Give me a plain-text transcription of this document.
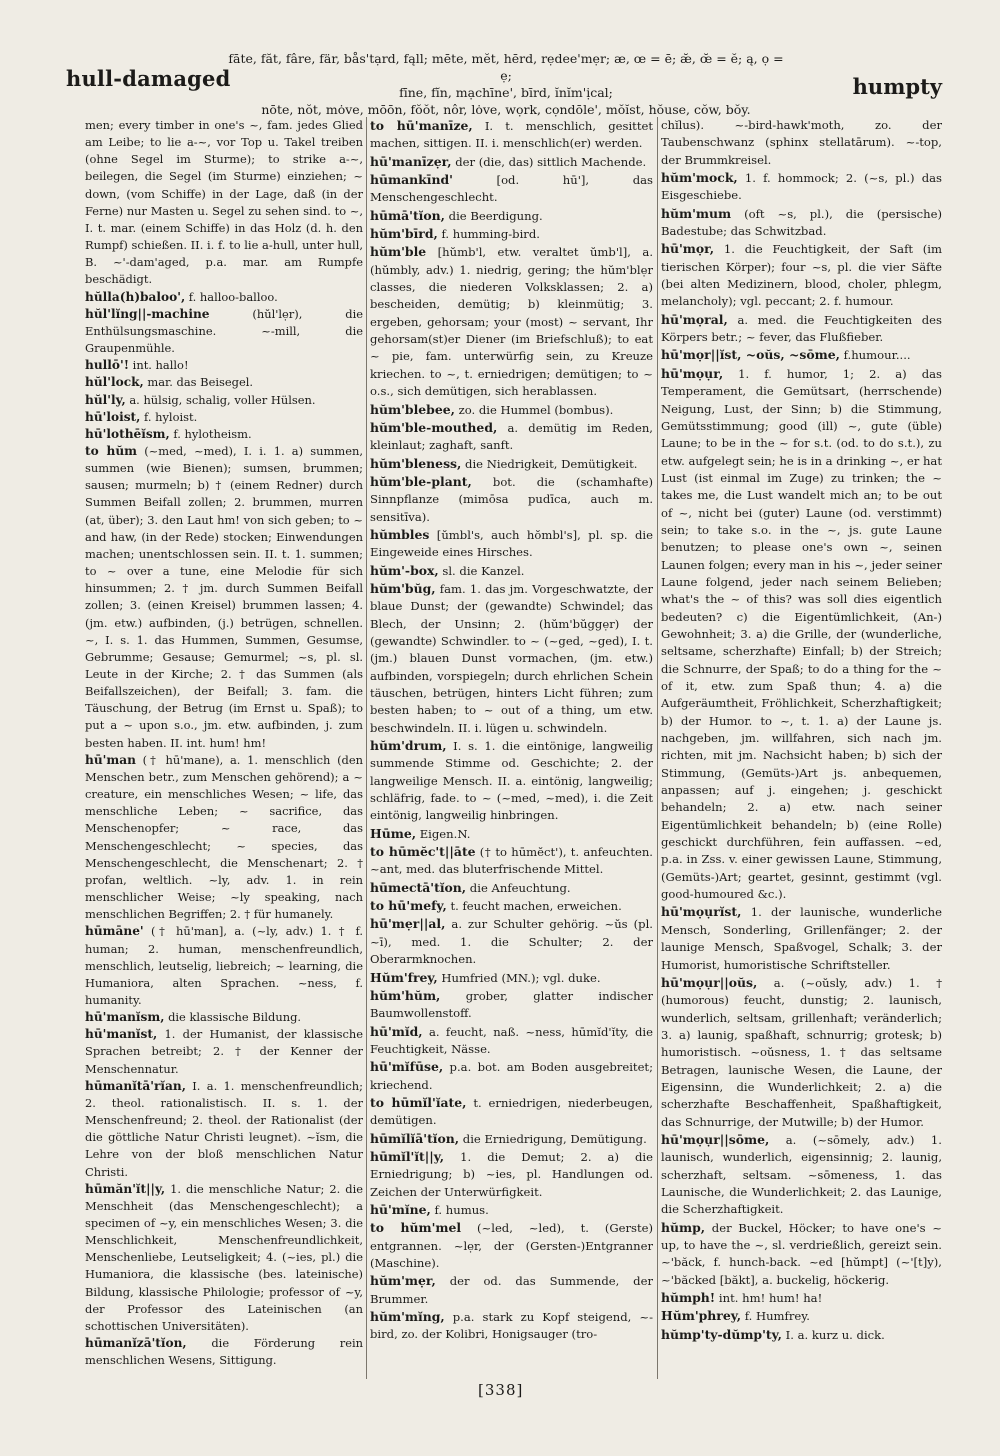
hull-damaged
fāte, făt, fâre, fär, bås'tạrd, fąll; mēte, mĕt, hērd, rẹdee'mẹr; æ, œ = ē; æ̆, œ̆ = ĕ; ą, ọ = ẹ;
fīne, fĭn, mạchīne', bīrd, ĭnĭm'ịcal;
nōte, nŏt, mȯve, mōōn, fŏŏt, nôr, lȯve, wọrk, cọndōle', mŏĭst, hŏuse, cŏw, bŏy.
humpty

men; every timber in one's ~, fam. jedes Glied am Leibe; to lie a-~, vor Top u. Takel treiben (ohne Segel im Sturme); to strike a-~, beilegen, die Segel (im Sturme) einziehen; ~ down, (vom Schiffe) in der Lage, daß (in der Ferne) nur Masten u. Segel zu sehen sind. to ~, I. t. mar. (einem Schiffe) in das Holz (d. h. den Rumpf) schießen. II. i. f. to lie a-hull, unter hull, B. ~'-dam'aged, p.a. mar. am Rumpfe beschädigt.

hŭlla(h)baloo', f. halloo-balloo.

hŭl'lĭng||-machine (hŭl'lẹr), die Enthülsungsmaschine. ~-mill, die Graupenmühle.

hullō'! int. hallo!

hŭl'lock, mar. das Beisegel.

hŭl'ly, a. hülsig, schalig, voller Hülsen.

hū'loist, f. hyloist.

hū'lothēĭsm, f. hylotheism.

to hŭm (~med, ~med), I. i. 1. a) summen, summen (wie Bienen); sumsen, brummen; sausen; murmeln; b) † (einem Redner) durch Summen Beifall zollen; 2. brummen, murren (at, über); 3. den Laut hm! von sich geben; to ~ and haw, (in der Rede) stocken; Einwendungen machen; unentschlossen sein. II. t. 1. summen; to ~ over a tune, eine Melodie für sich hinsummen; 2. † jm. durch Summen Beifall zollen; 3. (einen Kreisel) brummen lassen; 4. (jm. etw.) aufbinden, (j.) betrügen, schnellen. ~, I. s. 1. das Hummen, Summen, Gesumse, Gebrumme; Gesause; Gemurmel; ~s, pl. sl. Leute in der Kirche; 2. † das Summen (als Beifallszeichen), der Beifall; 3. fam. die Täuschung, der Betrug (im Ernst u. Spaß); to put a ~ upon s.o., jm. etw. aufbinden, j. zum besten haben. II. int. hum! hm!

hū'man († hū'mane), a. 1. menschlich (den Menschen betr., zum Menschen gehörend); a ~ creature, ein menschliches Wesen; ~ life, das menschliche Leben; ~ sacrifice, das Menschenopfer; ~ race, das Menschengeschlecht; ~ species, das Menschengeschlecht, die Menschenart; 2. † profan, weltlich. ~ly, adv. 1. in rein menschlicher Weise; ~ly speaking, nach menschlichen Begriffen; 2. † für humanely.

hūmāne' († hū'man], a. (~ly, adv.) 1. † f. human; 2. human, menschenfreundlich, menschlich, leutselig, liebreich; ~ learning, die Humaniora, alten Sprachen. ~ness, f. humanity.

hū'manĭsm, die klassische Bildung.

hū'manĭst, 1. der Humanist, der klassische Sprachen betreibt; 2. † der Kenner der Menschennatur.

hūmanĭtā'rĭan, I. a. 1. menschenfreundlich; 2. theol. rationalistisch. II. s. 1. der Menschenfreund; 2. theol. der Rationalist (der die göttliche Natur Christi leugnet). ~ĭsm, die Lehre von der bloß menschlichen Natur Christi.

hūmăn'ĭt||y, 1. die menschliche Natur; 2. die Menschheit (das Menschengeschlecht); a specimen of ~y, ein menschliches Wesen; 3. die Menschlichkeit, Menschenfreundlichkeit, Menschenliebe, Leutseligkeit; 4. (~ies, pl.) die Humaniora, die klassische (bes. lateinische) Bildung, klassische Philologie; professor of ~y, der Professor des Lateinischen (an schottischen Universitäten).

hūmanĭzā'tĭon, die Förderung rein menschlichen Wesens, Sittigung.

to hū'manīze, I. t. menschlich, gesittet machen, sittigen. II. i. menschlich(er) werden.

hū'manīzẹr, der (die, das) sittlich Machende.

hūmankīnd' [od. hū'], das Menschengeschlecht.

hūmā'tĭon, die Beerdigung.

hŭm'bīrd, f. humming-bird.

hŭm'ble [hŭmb'l, etw. veraltet ŭmb'l], a. (hŭmbly, adv.) 1. niedrig, gering; the hŭm'blẹr classes, die niederen Volksklassen; 2. a) bescheiden, demütig; b) kleinmütig; 3. ergeben, gehorsam; your (most) ~ servant, Ihr gehorsam(st)er Diener (im Briefschluß); to eat ~ pie, fam. unterwürfig sein, zu Kreuze kriechen. to ~, t. erniedrigen; demütigen; to ~ o.s., sich demütigen, sich herablassen.

hŭm'blebee, zo. die Hummel (bombus).

hŭm'ble-mouthed, a. demütig im Reden, kleinlaut; zaghaft, sanft.

hŭm'bleness, die Niedrigkeit, Demütigkeit.

hŭm'ble-plant, bot. die (schamhafte) Sinnpflanze (mimōsa pudīca, auch m. sensitīva).

hŭmbles [ŭmbl's, auch hŏmbl's], pl. sp. die Eingeweide eines Hirsches.

hŭm'-box, sl. die Kanzel.

hŭm'bŭg, fam. 1. das jm. Vorgeschwatzte, der blaue Dunst; der (gewandte) Schwindel; das Blech, der Unsinn; 2. (hŭm'bŭggẹr) der (gewandte) Schwindler. to ~ (~ged, ~ged), I. t. (jm.) blauen Dunst vormachen, (jm. etw.) aufbinden, vorspiegeln; durch ehrlichen Schein täuschen, betrügen, hinters Licht führen; zum besten haben; to ~ out of a thing, um etw. beschwindeln. II. i. lügen u. schwindeln.

hŭm'drum, I. s. 1. die eintönige, langweilig summende Stimme od. Geschichte; 2. der langweilige Mensch. II. a. eintönig, langweilig; schläfrig, fade. to ~ (~med, ~med), i. die Zeit eintönig, langweilig hinbringen.

Hūme, Eigen.N.

to hūmĕc't||āte († to hūmĕct'), t. anfeuchten. ~ant, med. das bluterfrischende Mittel.

hūmectā'tĭon, die Anfeuchtung.

to hū'mefy, t. feucht machen, erweichen.

hū'mẹr||al, a. zur Schulter gehörig. ~ŭs (pl. ~ī), med. 1. die Schulter; 2. der Oberarmknochen.

Hŭm'frey, Humfried (MN.); vgl. duke.

hŭm'hŭm, grober, glatter indischer Baumwollenstoff.

hū'mĭd, a. feucht, naß. ~ness, hūmĭd'ĭty, die Feuchtigkeit, Nässe.

hū'mĭfūse, p.a. bot. am Boden ausgebreitet; kriechend.

to hūmĭl'ĭate, t. erniedrigen, niederbeugen, demütigen.

hūmĭlĭā'tĭon, die Erniedrigung, Demütigung.

hūmĭl'ĭt||y, 1. die Demut; 2. a) die Erniedrigung; b) ~ies, pl. Handlungen od. Zeichen der Unterwürfigkeit.

hū'mĭne, f. humus.

to hŭm'mel (~led, ~led), t. (Gerste) entgrannen. ~lẹr, der (Gersten-)Entgranner (Maschine).

hŭm'mẹr, der od. das Summende, der Brummer.

hŭm'mĭng, p.a. stark zu Kopf steigend, ~-bird, zo. der Kolibri, Honigsauger (tro-

chĭlus). ~-bird-hawk'moth, zo. der Taubenschwanz (sphinx stellatārum). ~-top, der Brummkreisel.

hŭm'mock, 1. f. hommock; 2. (~s, pl.) das Eisgeschiebe.

hŭm'mum (oft ~s, pl.), die (persische) Badestube; das Schwitzbad.

hū'mọr, 1. die Feuchtigkeit, der Saft (im tierischen Körper); four ~s, pl. die vier Säfte (bei alten Medizinern, blood, choler, phlegm, melancholy); vgl. peccant; 2. f. humour.

hū'mọral, a. med. die Feuchtigkeiten des Körpers betr.; ~ fever, das Flußfieber.

hū'mọr||ĭst, ~oŭs, ~sōme, f.humour....

hū'mọụr, 1. f. humor, 1; 2. a) das Temperament, die Gemütsart, (herrschende) Neigung, Lust, der Sinn; b) die Stimmung, Gemütsstimmung; good (ill) ~, gute (üble) Laune; to be in the ~ for s.t. (od. to do s.t.), zu etw. aufgelegt sein; he is in a drinking ~, er hat Lust (ist einmal im Zuge) zu trinken; the ~ takes me, die Lust wandelt mich an; to be out of ~, nicht bei (guter) Laune (od. verstimmt) sein; to take s.o. in the ~, js. gute Laune benutzen; to please one's own ~, seinen Launen folgen; every man in his ~, jeder seiner Laune folgend, jeder nach seinem Belieben; what's the ~ of this? was soll dies eigentlich bedeuten? c) die Eigentümlichkeit, (An-) Gewohnheit; 3. a) die Grille, der (wunderliche, seltsame, scherzhafte) Einfall; b) der Streich; die Schnurre, der Spaß; to do a thing for the ~ of it, etw. zum Spaß thun; 4. a) die Aufgeräumtheit, Fröhlichkeit, Scherzhaftigkeit; b) der Humor. to ~, t. 1. a) der Laune js. nachgeben, jm. willfahren, sich nach jm. richten, mit jm. Nachsicht haben; b) sich der Stimmung, (Gemüts-)Art js. anbequemen, anpassen; auf j. eingehen; j. geschickt behandeln; 2. a) etw. nach seiner Eigentümlichkeit behandeln; b) (eine Rolle) geschickt durchführen, fein auffassen. ~ed, p.a. in Zss. v. einer gewissen Laune, Stimmung, (Gemüts-)Art; geartet, gesinnt, gestimmt (vgl. good-humoured &c.).

hū'mọụrĭst, 1. der launische, wunderliche Mensch, Sonderling, Grillenfänger; 2. der launige Mensch, Spaßvogel, Schalk; 3. der Humorist, humoristische Schriftsteller.

hū'mọụr||oŭs, a. (~oŭsly, adv.) 1. † (humorous) feucht, dunstig; 2. launisch, wunderlich, seltsam, grillenhaft; veränderlich; 3. a) launig, spaßhaft, schnurrig; grotesk; b) humoristisch. ~oŭsness, 1. † das seltsame Betragen, launische Wesen, die Laune, der Eigensinn, die Wunderlichkeit; 2. a) die scherzhafte Beschaffenheit, Spaßhaftigkeit, das Schnurrige, der Mutwille; b) der Humor.

hū'mọụr||sōme, a. (~sōmely, adv.) 1. launisch, wunderlich, eigensinnig; 2. launig, scherzhaft, seltsam. ~sōmeness, 1. das Launische, die Wunderlichkeit; 2. das Launige, die Scherzhaftigkeit.

hŭmp, der Buckel, Höcker; to have one's ~ up, to have the ~, sl. verdrießlich, gereizt sein. ~'băck, f. hunch-back. ~ed [hŭmpt] (~'[t]y), ~'băcked [băkt], a. buckelig, höckerig.

hŭmph! int. hm! hum! ha!

Hŭm'phrey, f. Humfrey.

hŭmp'ty-dŭmp'ty, I. a. kurz u. dick.

[338]
